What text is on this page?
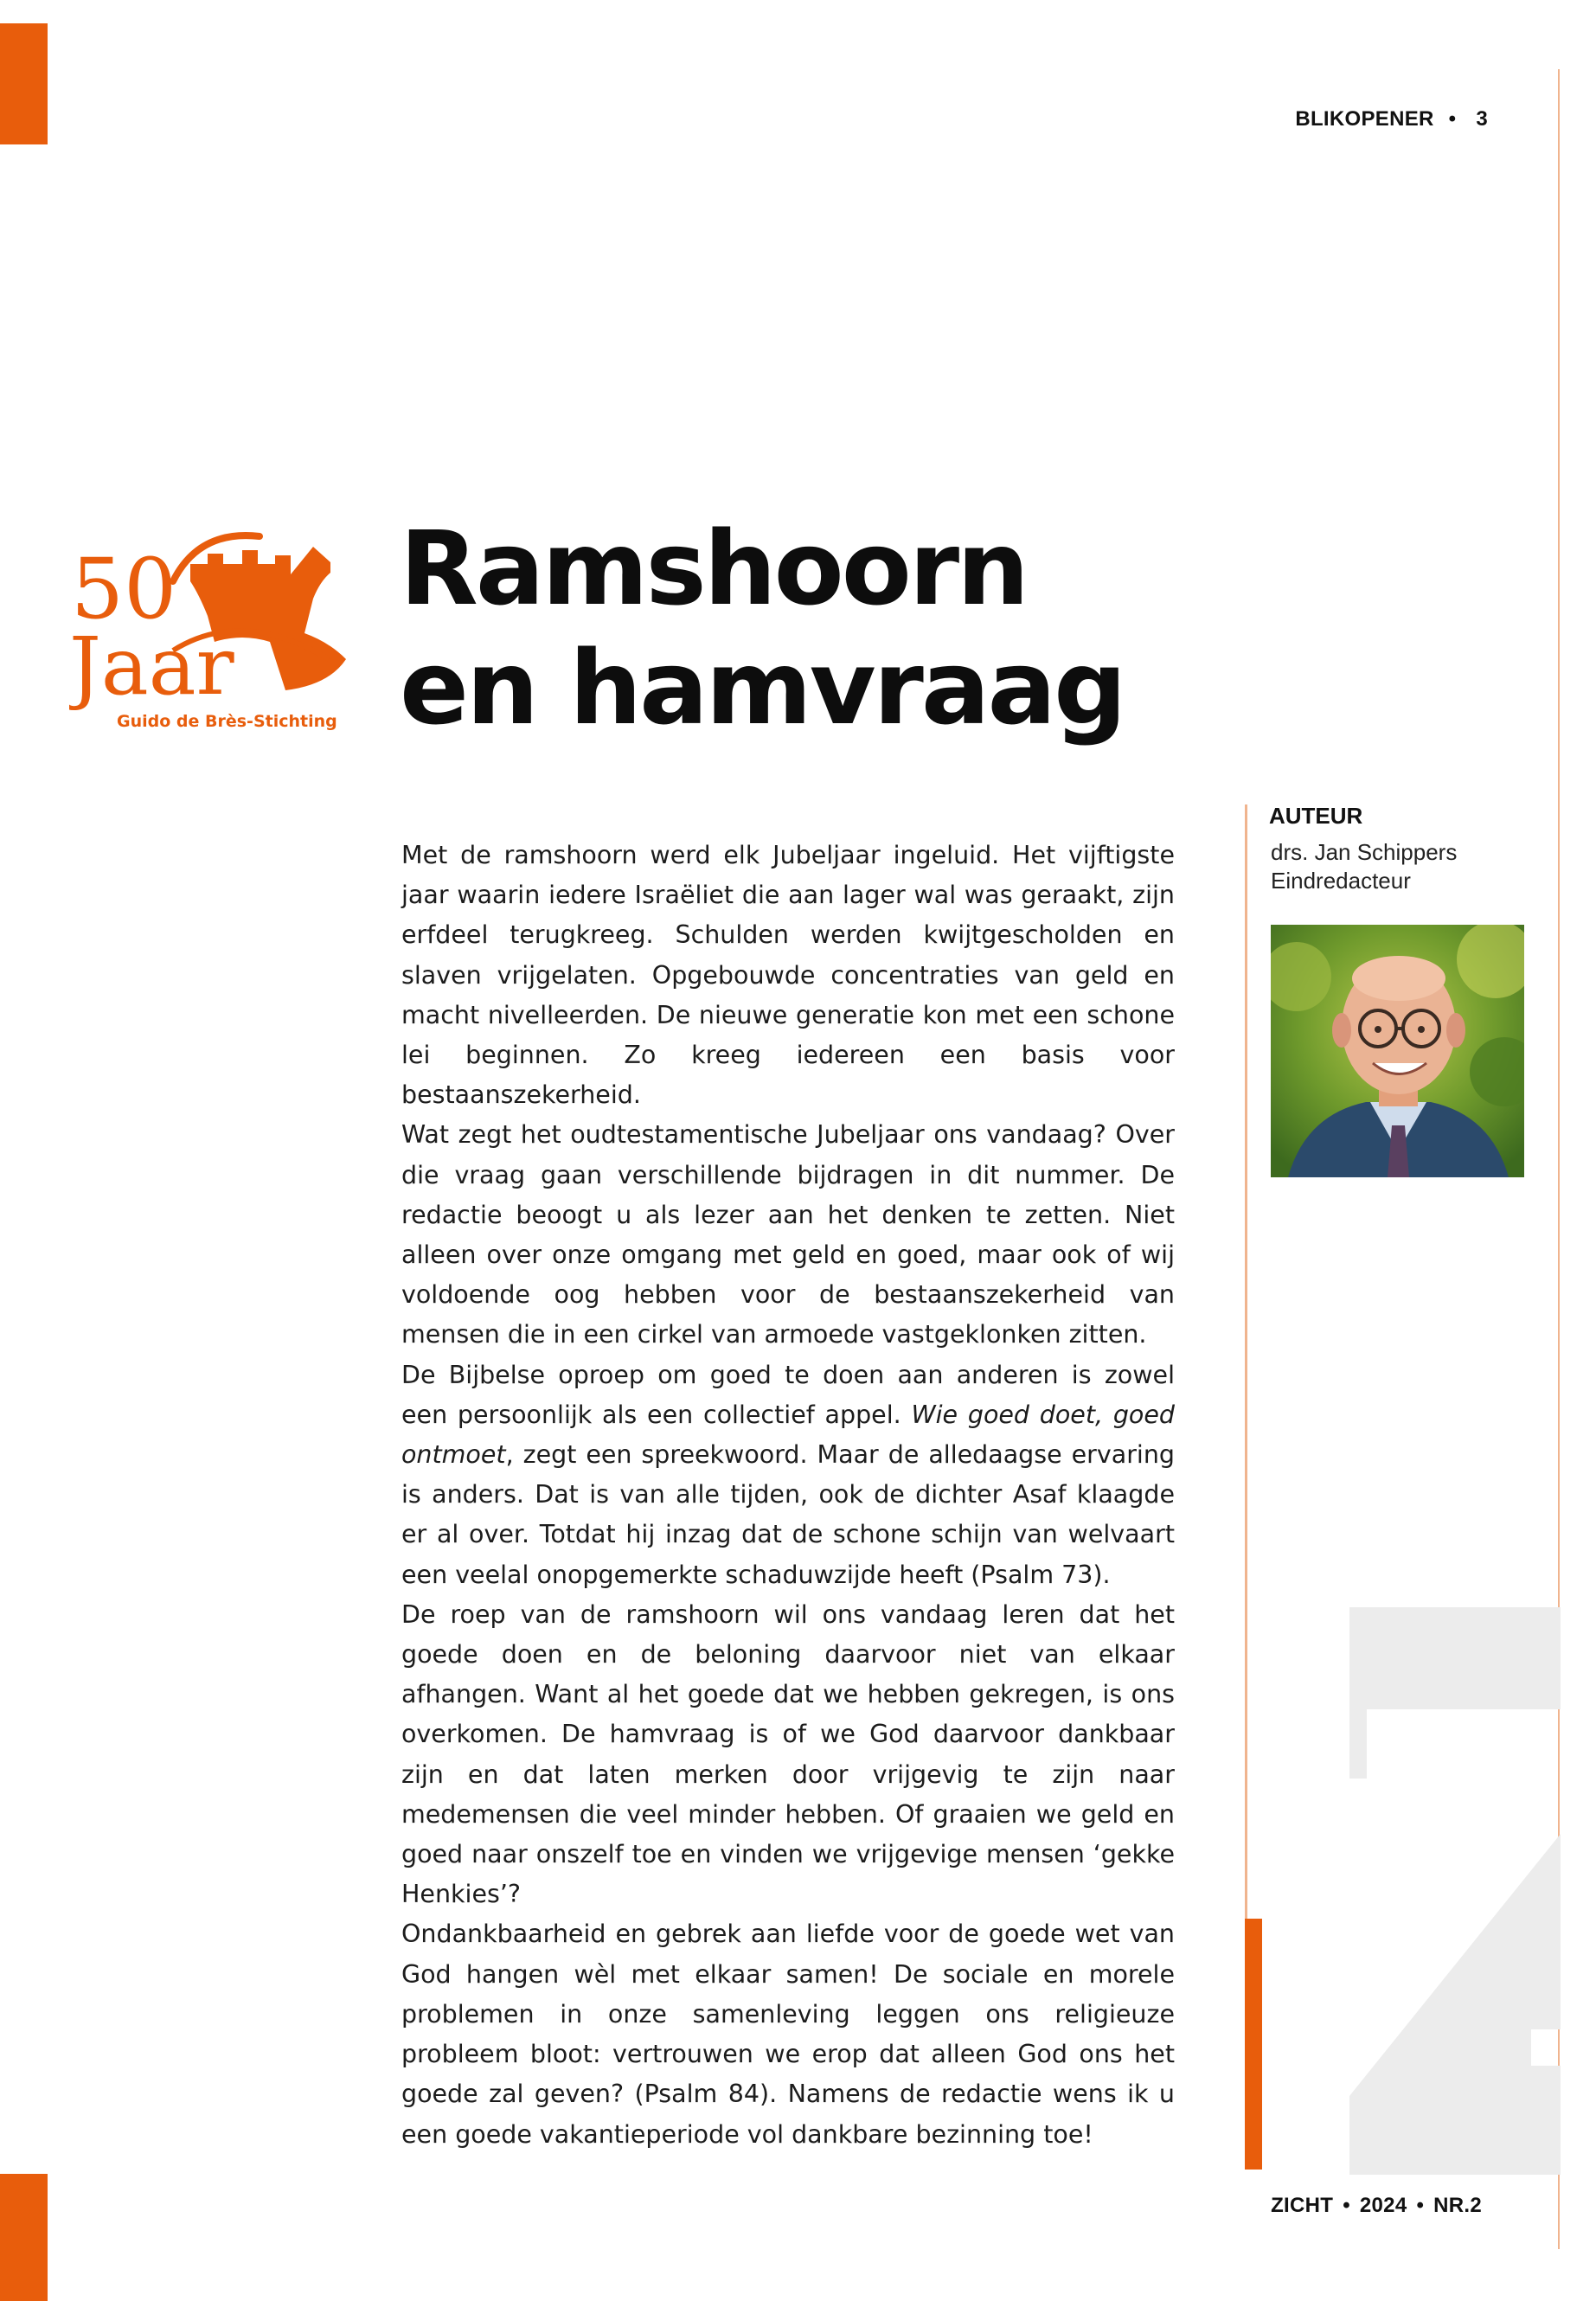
BLIKOPENER • 3
50
Jaar
Guido de Brès-Stichting
Ramshoorn
en hamvraag
AUTEUR
drs. Jan Schippers
Eindredacteur

Met de ramshoorn werd elk Jubeljaar ingeluid. Het vijftigste jaar waarin iedere Israëliet die aan lager wal was geraakt, zijn erfdeel terugkreeg. Schulden werden kwijtgescholden en slaven vrijgelaten. Opgebouwde concentraties van geld en macht nivelleerden. De nieuwe generatie kon met een schone lei beginnen. Zo kreeg iedereen een basis voor bestaanszekerheid.

Wat zegt het oudtestamentische Jubeljaar ons vandaag? Over die vraag gaan verschillende bijdragen in dit nummer. De redactie beoogt u als lezer aan het denken te zetten. Niet alleen over onze omgang met geld en goed, maar ook of wij voldoende oog hebben voor de bestaanszekerheid van mensen die in een cirkel van armoede vastgeklonken zitten.

De Bijbelse oproep om goed te doen aan anderen is zowel een persoonlijk als een collectief appel. Wie goed doet, goed ontmoet, zegt een spreekwoord. Maar de alledaagse ervaring is anders. Dat is van alle tijden, ook de dichter Asaf klaagde er al over. Totdat hij inzag dat de schone schijn van welvaart een veelal onopgemerkte schaduwzijde heeft (Psalm 73).

De roep van de ramshoorn wil ons vandaag leren dat het goede doen en de beloning daarvoor niet van elkaar afhangen. Want al het goede dat we hebben gekregen, is ons overkomen. De hamvraag is of we God daarvoor dankbaar zijn en dat laten merken door vrijgevig te zijn naar medemensen die veel minder hebben. Of graaien we geld en goed naar onszelf toe en vinden we vrijgevige mensen ‘gekke Henkies’?

Ondankbaarheid en gebrek aan liefde voor de goede wet van God hangen wèl met elkaar samen! De sociale en morele problemen in onze samenleving leggen ons religieuze probleem bloot: vertrouwen we erop dat alleen God ons het goede zal geven? (Psalm 84). Namens de redactie wens ik u een goede vakantieperiode vol dankbare bezinning toe!

ZICHT • 2024 • NR.2
